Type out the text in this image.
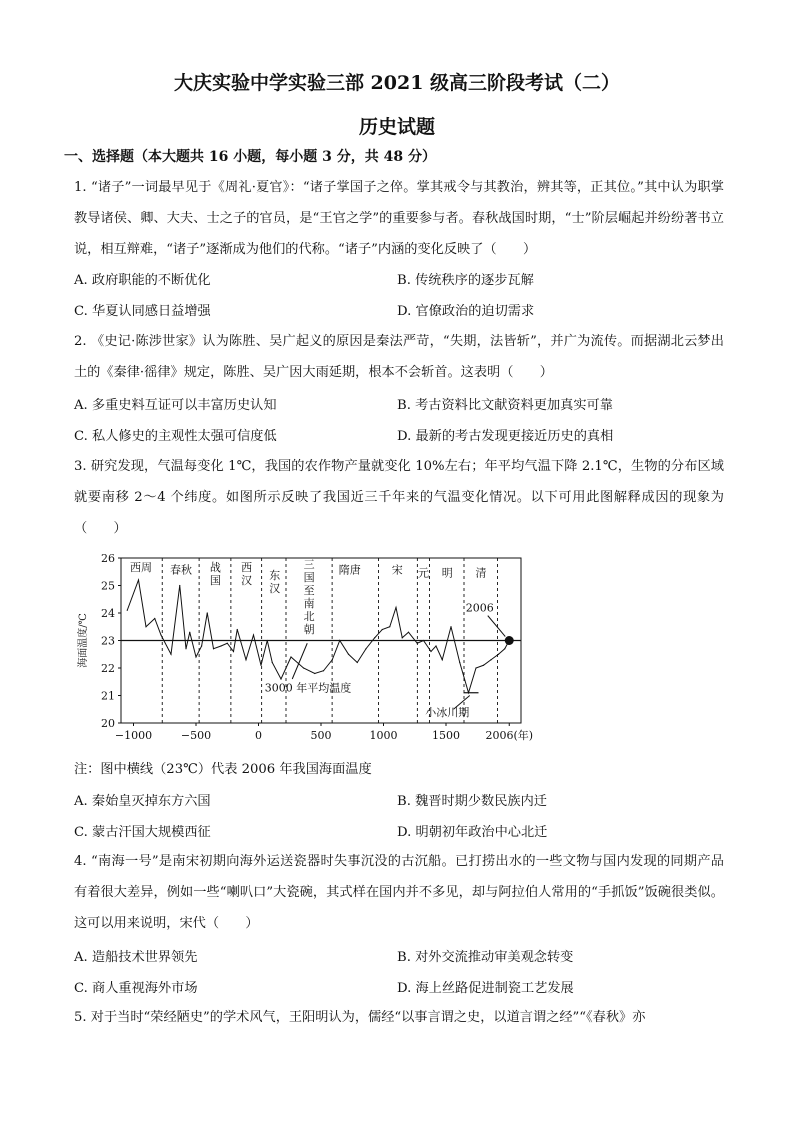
大庆实验中学实验三部 2021 级高三阶段考试（二）
历史试题
一、选择题（本大题共 16 小题，每小题 3 分，共 48 分）
1. “诸子”一词最早见于《周礼·夏官》：“诸子掌国子之倅。掌其戒令与其教治，辨其等，正其位。”其中认为职掌教导诸侯、卿、大夫、士之子的官员，是“王官之学”的重要参与者。春秋战国时期，“士”阶层崛起并纷纷著书立说，相互辩难，“诸子”逐渐成为他们的代称。“诸子”内涵的变化反映了（　　）
A. 政府职能的不断优化	B. 传统秩序的逐步瓦解
C. 华夏认同感日益增强	D. 官僚政治的迫切需求
2. 《史记·陈涉世家》认为陈胜、吴广起义的原因是秦法严苛，“失期，法皆斩”，并广为流传。而据湖北云梦出土的《秦律·徭律》规定，陈胜、吴广因大雨延期，根本不会斩首。这表明（　　）
A. 多重史料互证可以丰富历史认知	B. 考古资料比文献资料更加真实可靠
C. 私人修史的主观性太强可信度低	D. 最新的考古发现更接近历史的真相
3. 研究发现，气温每变化 1℃，我国的农作物产量就变化 10%左右；年平均气温下降 2.1℃，生物的分布区域就要南移 2～4 个纬度。如图所示反映了我国近三千年来的气温变化情况。以下可用此图解释成因的现象为（　　）
20
21
22
23
24
25
26
海面温度/℃
−1000	−500	0	500	1000	1500 2006(年)
西周 春秋 战国
西汉 东汉
三国至南北朝
隋唐	宋 元 明 清
2006
3000 年平均温度
小冰川期
注：图中横线（23℃）代表 2006 年我国海面温度
A. 秦始皇灭掉东方六国	B. 魏晋时期少数民族内迁
C. 蒙古汗国大规模西征	D. 明朝初年政治中心北迁
4. “南海一号”是南宋初期向海外运送瓷器时失事沉没的古沉船。已打捞出水的一些文物与国内发现的同期产品有着很大差异，例如一些“喇叭口”大瓷碗，其式样在国内并不多见，却与阿拉伯人常用的“手抓饭”饭碗很类似。这可以用来说明，宋代（　　）
A. 造船技术世界领先	B. 对外交流推动审美观念转变
C. 商人重视海外市场	D. 海上丝路促进制瓷工艺发展
5. 对于当时“荣经陋史”的学术风气，王阳明认为，儒经“以事言谓之史，以道言谓之经”“《春秋》亦
